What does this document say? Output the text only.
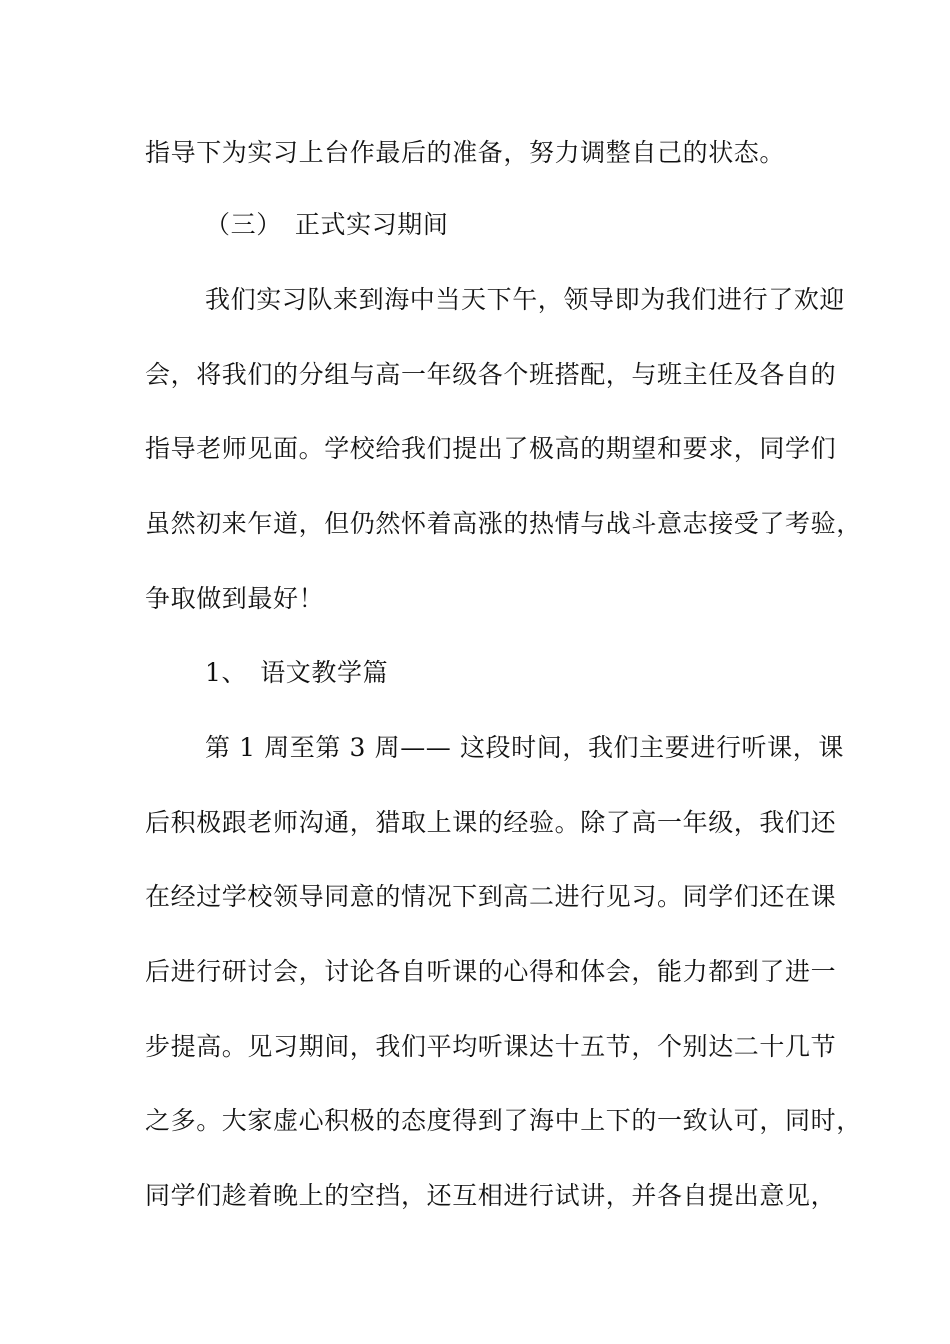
指导下为实习上台作最后的准备，努力调整自己的状态。
（三）　正式实习期间
我们实习队来到海中当天下午，领导即为我们进行了欢迎
会，将我们的分组与高一年级各个班搭配，与班主任及各自的
指导老师见面。学校给我们提出了极高的期望和要求，同学们
虽然初来乍道，但仍然怀着高涨的热情与战斗意志接受了考验，
争取做到最好！
1、　语文教学篇
第 1 周至第 3 周—— 这段时间，我们主要进行听课，课
后积极跟老师沟通，猎取上课的经验。除了高一年级，我们还
在经过学校领导同意的情况下到高二进行见习。同学们还在课
后进行研讨会，讨论各自听课的心得和体会，能力都到了进一
步提高。见习期间，我们平均听课达十五节，个别达二十几节
之多。大家虚心积极的态度得到了海中上下的一致认可，同时，
同学们趁着晚上的空挡，还互相进行试讲，并各自提出意见，
